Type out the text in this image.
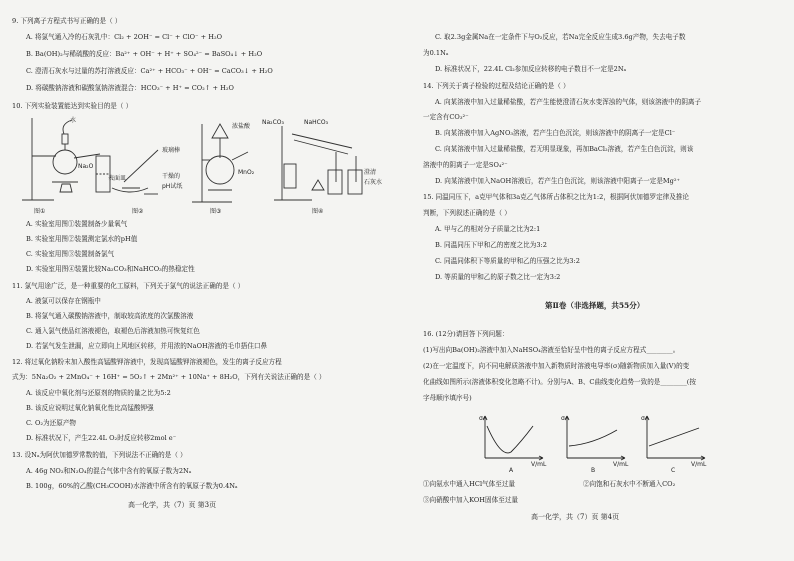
9. 下列离子方程式书写正确的是（ ）
A. 将氯气通入冷的石灰乳中：Cl₂ + 2OH⁻ = Cl⁻ + ClO⁻ + H₂O
B. Ba(OH)₂与稀硫酸的反应：Ba²⁺ + OH⁻ + H⁺ + SO₄²⁻ = BaSO₄↓ + H₂O
C. 澄清石灰水与过量的苏打溶液反应：Ca²⁺ + HCO₃⁻ + OH⁻ = CaCO₃↓ + H₂O
D. 将碳酸钠溶液和碳酸氢钠溶液混合：HCO₃⁻ + H⁺ = CO₂↑ + H₂O
10. 下列实验装置能达到实验目的是（ ）
水
Na₂O
玻璃棒
表面皿	干燥的
pH试纸
浓盐酸
MnO₂
Na₂CO₃	NaHCO₃
澄清
石灰水
图①	图②	图③	图④
A. 实验室用图①装置制备少量氧气
B. 实验室用图②装置测定氯水的pH值
C. 实验室用图③装置制备氯气
D. 实验室用图④装置比较Na₂CO₃和NaHCO₃的热稳定性
11. 氯气用途广泛，是一种重要的化工原料，下列关于氯气的说法正确的是（ ）
A. 液氯可以保存在钢瓶中
B. 将氯气通入碳酸钠溶液中，制取较高浓度的次氯酸溶液
C. 通入氯气使品红溶液褪色，取褪色后溶液加热可恢复红色
D. 若氯气发生泄漏，应立即向上风地区转移，并用浓的NaOH溶液的毛巾捂住口鼻
12. 将过氧化钠粉末加入酸性高锰酸钾溶液中，发现高锰酸钾溶液褪色，发生的离子反应方程
式为：5Na₂O₂ + 2MnO₄⁻ + 16H⁺ = 5O₂↑ + 2Mn²⁺ + 10Na⁺ + 8H₂O，下列有关说法正确的是（ ）
A. 该反应中氧化剂与还原剂的物质的量之比为5:2
B. 该反应说明过氧化钠氧化性比高锰酸钾强
C. O₂为还原产物
D. 标准状况下，产生22.4L O₂时反应转移2mol e⁻
13. 设Nₐ为阿伏加德罗常数的值，下列说法不正确的是（ ）
A. 46g NO₂和N₂O₄的混合气体中含有的氧原子数为2Nₐ
B. 100g，60%的乙酸(CH₃COOH)水溶液中所含有的氧原子数为0.4Nₐ
高一化学，共（7）页 第3页
C. 取2.3g金属Na在一定条件下与O₂反应，若Na完全反应生成3.6g产物，失去电子数
为0.1Nₐ
D. 标准状况下，22.4L Cl₂参加反应转移的电子数目不一定是2Nₐ
14. 下列关于离子检验的过程及结论正确的是（ ）
A. 向某溶液中加入过量稀盐酸，若产生能使澄清石灰水变浑浊的气体，则该溶液中的阴离子
一定含有CO₃²⁻
B. 向某溶液中加入AgNO₃溶液，若产生白色沉淀，则该溶液中的阴离子一定是Cl⁻
C. 向某溶液中加入过量稀盐酸，若无明显现象，再加BaCl₂溶液，若产生白色沉淀，则该
溶液中的阴离子一定是SO₄²⁻
D. 向某溶液中加入NaOH溶液后，若产生白色沉淀，则该溶液中阳离子一定是Mg²⁺
15. 同温同压下，a克甲气体和3a克乙气体所占体积之比为1:2，根据阿伏加德罗定律及推论
判断，下列叙述正确的是（ ）
A. 甲与乙的相对分子质量之比为2:1
B. 同温同压下甲和乙的密度之比为3:2
C. 同温同体积下等质量的甲和乙的压强之比为3:2
D. 等质量的甲和乙的原子数之比一定为3:2
第Ⅱ卷（非选择题，共55分）
16. (12分)请回答下列问题：
(1)写出向Ba(OH)₂溶液中加入NaHSO₄溶液至恰好呈中性的离子反应方程式________。
(2)在一定温度下，向不同电解质溶液中加入新物质时溶液电导率(σ)随新物质加入量(V)的变
化曲线如图所示(溶液体积变化忽略不计)。分别与A、B、C曲线变化趋势一致的是________(按
字母顺序填序号)
σ
V/mL
A
σ
V/mL
B
σ
V/mL
C
①向氨水中通入HCl气体至过量	②向饱和石灰水中不断通入CO₂
③向硝酸中加入KOH固体至过量
高一化学，共（7）页 第4页
